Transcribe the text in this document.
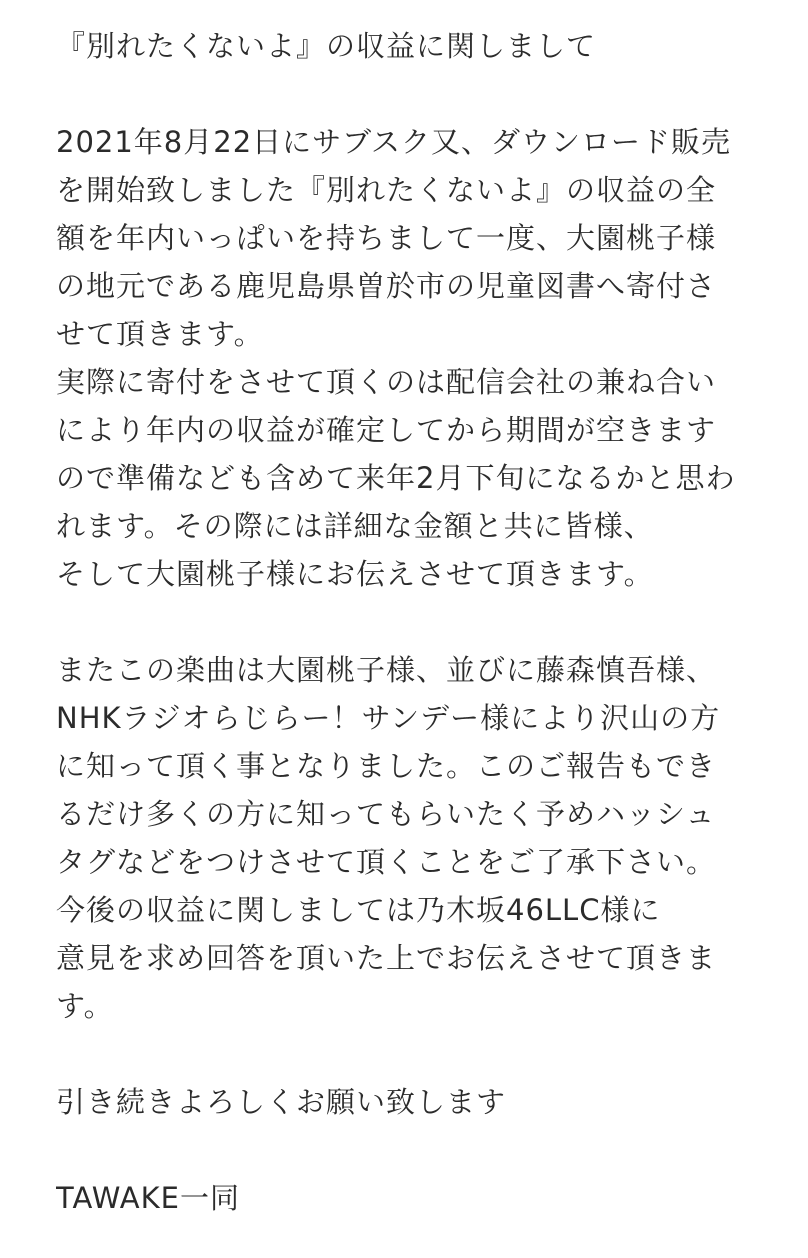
『別れたくないよ』の収益に関しまして
2021年8月22日にサブスク又、ダウンロード販売
を開始致しました『別れたくないよ』の収益の全
額を年内いっぱいを持ちまして一度、大園桃子様
の地元である鹿児島県曽於市の児童図書へ寄付さ
せて頂きます。
実際に寄付をさせて頂くのは配信会社の兼ね合い
により年内の収益が確定してから期間が空きます
ので準備なども含めて来年2月下旬になるかと思わ
れます。その際には詳細な金額と共に皆様、
そして大園桃子様にお伝えさせて頂きます。
またこの楽曲は大園桃子様、並びに藤森慎吾様、
NHKラジオらじらー！サンデー様により沢山の方
に知って頂く事となりました。このご報告もでき
るだけ多くの方に知ってもらいたく予めハッシュ
タグなどをつけさせて頂くことをご了承下さい。
今後の収益に関しましては乃木坂46LLC様に
意見を求め回答を頂いた上でお伝えさせて頂きま
す。
引き続きよろしくお願い致します
TAWAKE一同
